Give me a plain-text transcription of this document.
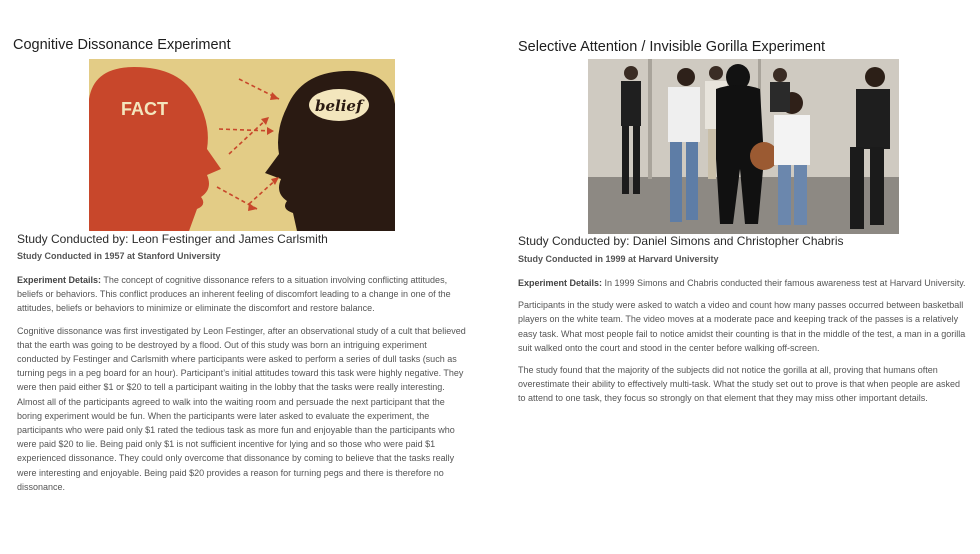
Cognitive Dissonance Experiment
FACT	belief
Study Conducted by: Leon Festinger and James Carlsmith
Study Conducted in 1957 at Stanford University

Experiment Details: The concept of cognitive dissonance refers to a situation involving conflicting attitudes, beliefs or behaviors. This conflict produces an inherent feeling of discomfort leading to a change in one of the attitudes, beliefs or behaviors to minimize or eliminate the discomfort and restore balance.

Cognitive dissonance was first investigated by Leon Festinger, after an observational study of a cult that believed that the earth was going to be destroyed by a flood. Out of this study was born an intriguing experiment conducted by Festinger and Carlsmith where participants were asked to perform a series of dull tasks (such as turning pegs in a peg board for an hour). Participant’s initial attitudes toward this task were highly negative. They were then paid either $1 or $20 to tell a participant waiting in the lobby that the tasks were really interesting. Almost all of the participants agreed to walk into the waiting room and persuade the next participant that the boring experiment would be fun. When the participants were later asked to evaluate the experiment, the participants who were paid only $1 rated the tedious task as more fun and enjoyable than the participants who were paid $20 to lie. Being paid only $1 is not sufficient incentive for lying and so those who were paid $1 experienced dissonance. They could only overcome that dissonance by coming to believe that the tasks really were interesting and enjoyable. Being paid $20 provides a reason for turning pegs and there is therefore no dissonance.

Selective Attention / Invisible Gorilla Experiment
Study Conducted by: Daniel Simons and Christopher Chabris
Study Conducted in 1999 at Harvard University

Experiment Details: In 1999 Simons and Chabris conducted their famous awareness test at Harvard University.

Participants in the study were asked to watch a video and count how many passes occurred between basketball players on the white team. The video moves at a moderate pace and keeping track of the passes is a relatively easy task. What most people fail to notice amidst their counting is that in the middle of the test, a man in a gorilla suit walked onto the court and stood in the center before walking off-screen.

The study found that the majority of the subjects did not notice the gorilla at all, proving that humans often overestimate their ability to effectively multi-task. What the study set out to prove is that when people are asked to attend to one task, they focus so strongly on that element that they may miss other important details.
